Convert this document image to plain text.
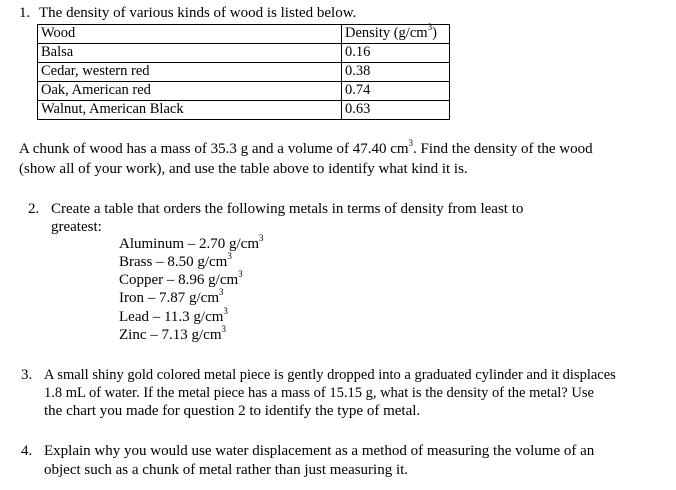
1. The density of various kinds of wood is listed below.
Wood	Density $(g/cm^3)$
Balsa	0.16
Cedar, western red	0.38
Oak, American red	0.74
Walnut, American Black	0.63
A chunk of wood has a mass of 35.3 g and a volume of 47.40 $cm^3$. Find the density of the wood
(show all of your work), and use the table above to identify what kind it is.
2. Create a table that orders the following metals in terms of density from least to
greatest:
Aluminum – 2.70 $g/cm^3$
Brass – 8.50 $g/cm^3$
Copper – 8.96 $g/cm^3$
Iron – 7.87 $g/cm^3$
Lead – 11.3 $g/cm^3$
Zinc – 7.13 $g/cm^3$
3. A small shiny gold colored metal piece is gently dropped into a graduated cylinder and it displaces
1.8 mL of water. If the metal piece has a mass of 15.15 g, what is the density of the metal? Use
the chart you made for question 2 to identify the type of metal.
4. Explain why you would use water displacement as a method of measuring the volume of an
object such as a chunk of metal rather than just measuring it.
